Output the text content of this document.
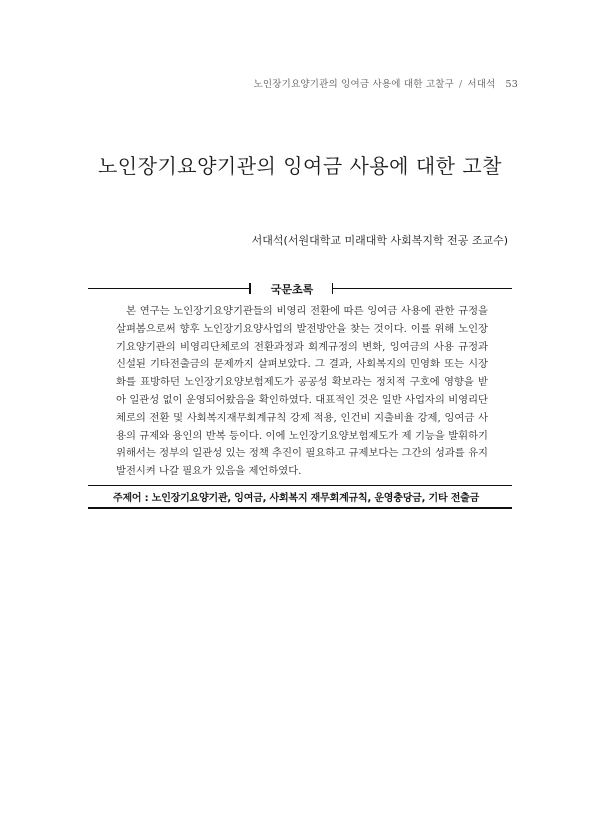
노인장기요양기관의 잉여금 사용에 대한 고찰구 / 서대석 53
노인장기요양기관의 잉여금 사용에 대한 고찰
서대석(서원대학교 미래대학 사회복지학 전공 조교수)
국문초록

본 연구는 노인장기요양기관들의 비영리 전환에 따른 잉여금 사용에 관한 규정을 살펴봄으로써 향후 노인장기요양사업의 발전방안을 찾는 것이다. 이를 위해 노인장기요양기관의 비영리단체로의 전환과정과 회계규정의 변화, 잉여금의 사용 규정과 신설된 기타전출금의 문제까지 살펴보았다. 그 결과, 사회복지의 민영화 또는 시장화를 표방하던 노인장기요양보험제도가 공공성 확보라는 정치적 구호에 영향을 받아 일관성 없이 운영되어왔음을 확인하였다. 대표적인 것은 일반 사업자의 비영리단체로의 전환 및 사회복지재무회계규칙 강제 적용, 인건비 지출비율 강제, 잉여금 사용의 규제와 용인의 반복 등이다. 이에 노인장기요양보험제도가 제 기능을 발휘하기 위해서는 정부의 일관성 있는 정책 추진이 필요하고 규제보다는 그간의 성과를 유지 발전시켜 나갈 필요가 있음을 제언하였다.

주제어 : 노인장기요양기관, 잉여금, 사회복지 재무회계규칙, 운영충당금, 기타 전출금
